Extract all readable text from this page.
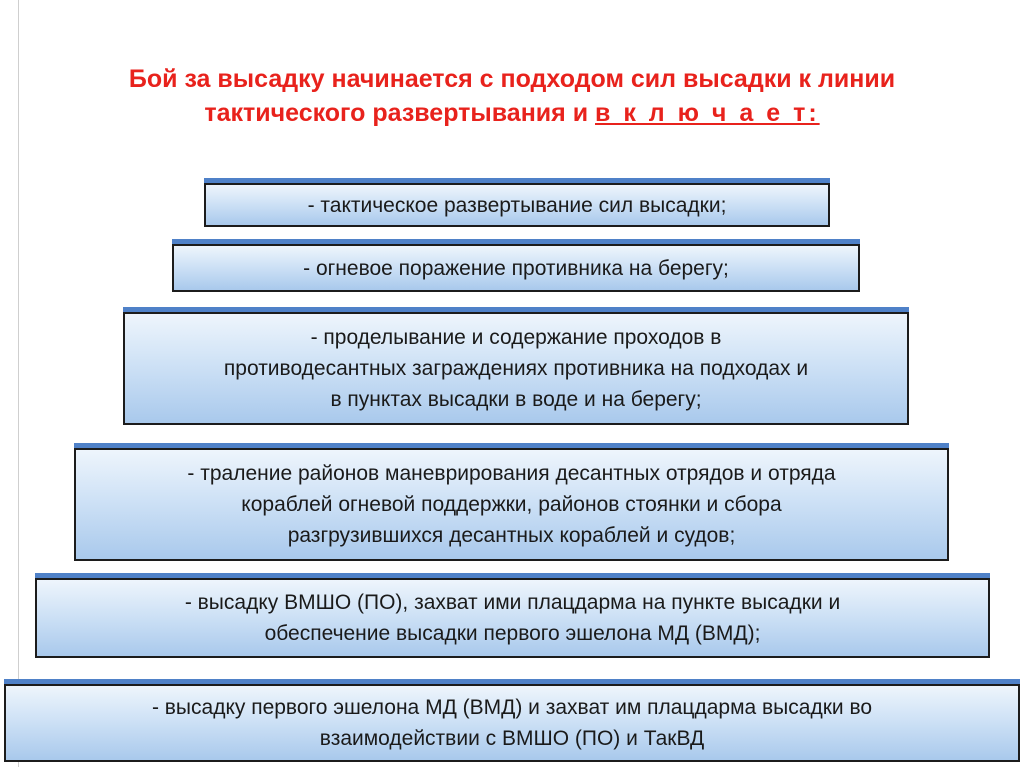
Бой за высадку начинается с подходом сил высадки к линии
тактического развертывания и в к л ю ч а е т:
- тактическое развертывание сил высадки;
- огневое поражение противника на берегу;
- проделывание и содержание проходов в
противодесантных заграждениях противника на подходах и
в пунктах высадки в воде и на берегу;
- траление районов маневрирования десантных отрядов и отряда
кораблей огневой поддержки, районов стоянки и сбора
разгрузившихся десантных кораблей и судов;
- высадку ВМШО (ПО), захват ими плацдарма на пункте высадки и
обеспечение высадки первого эшелона МД (ВМД);
- высадку первого эшелона МД (ВМД) и захват им плацдарма высадки во
взаимодействии с ВМШО (ПО) и ТакВД
